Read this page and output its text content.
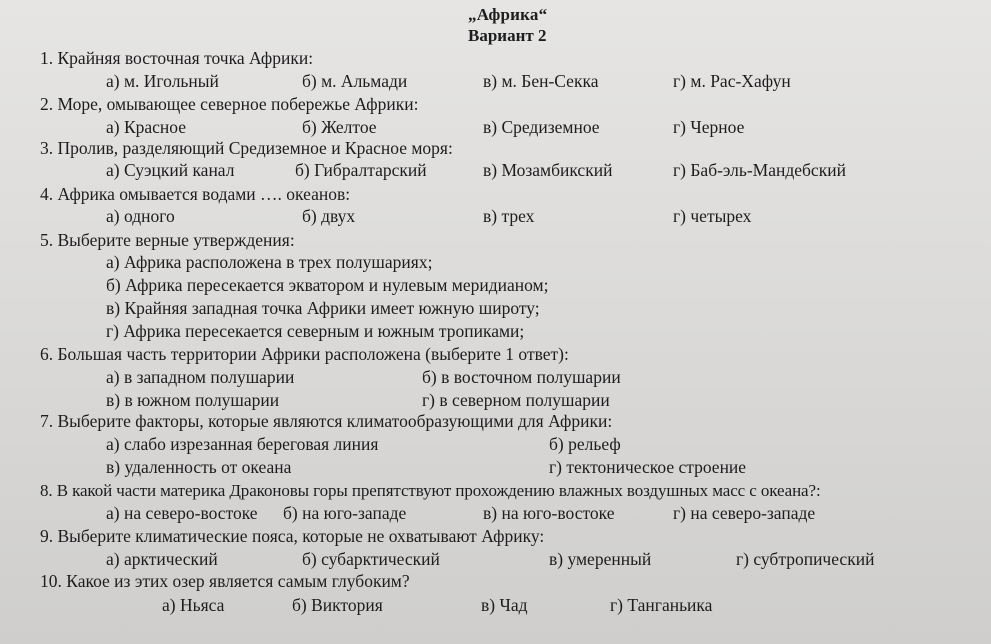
„Африка“
Вариант 2
1. Крайняя восточная точка Африки:
а) м. Игольный	б) м. Альмади	в) м. Бен-Секка	г) м. Рас-Хафун
2. Море, омывающее северное побережье Африки:
а) Красное	б) Желтое	в) Средиземное	г) Черное
3. Пролив, разделяющий Средиземное и Красное моря:
а) Суэцкий канал	б) Гибралтарский	в) Мозамбикский	г) Баб-эль-Мандебский
4. Африка омывается водами …. океанов:
а) одного	б) двух	в) трех	г) четырех
5. Выберите верные утверждения:
а) Африка расположена в трех полушариях;
б) Африка пересекается экватором и нулевым меридианом;
в) Крайняя западная точка Африки имеет южную широту;
г) Африка пересекается северным и южным тропиками;
6. Большая часть территории Африки расположена (выберите 1 ответ):
а) в западном полушарии	б) в восточном полушарии
в) в южном полушарии	г) в северном полушарии
7. Выберите факторы, которые являются климатообразующими для Африки:
а) слабо изрезанная береговая линия	б) рельеф
в) удаленность от океана	г) тектоническое строение
8. В какой части материка Драконовы горы препятствуют прохождению влажных воздушных масс с океана?:
а) на северо-востоке б) на юго-западе	в) на юго-востоке	г) на северо-западе
9. Выберите климатические пояса, которые не охватывают Африку:
а) арктический	б) субарктический	в) умеренный	г) субтропический
10. Какое из этих озер является самым глубоким?
а) Ньяса	б) Виктория	в) Чад	г) Танганьика
